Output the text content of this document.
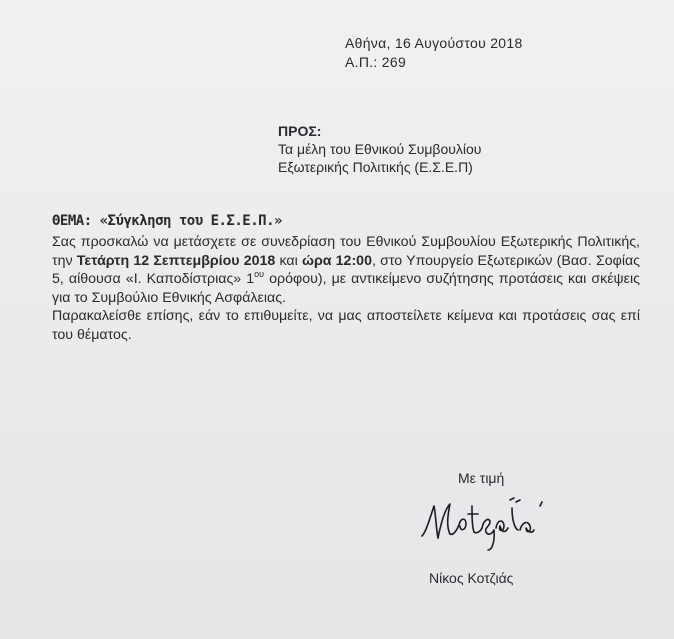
Αθήνα, 16 Αυγούστου 2018
Α.Π.: 269
ΠΡΟΣ:
Τα μέλη του Εθνικού Συμβουλίου
Εξωτερικής Πολιτικής (Ε.Σ.Ε.Π)
ΘΕΜΑ: «Σύγκληση του Ε.Σ.Ε.Π.»

Σας προσκαλώ να μετάσχετε σε συνεδρίαση του Εθνικού Συμβουλίου Εξωτερικής Πολιτικής, την Τετάρτη 12 Σεπτεμβρίου 2018 και ώρα 12:00, στο Υπουργείο Εξωτερικών (Βασ. Σοφίας 5, αίθουσα «Ι. Καποδίστριας» $1^{o\upsilon}$ ορόφου), με αντικείμενο συζήτησης προτάσεις και σκέψεις για το Συμβούλιο Εθνικής Ασφάλειας.

Παρακαλείσθε επίσης, εάν το επιθυμείτε, να μας αποστείλετε κείμενα και προτάσεις σας επί του θέματος.

Με τιμή
Νίκος Κοτζιάς
